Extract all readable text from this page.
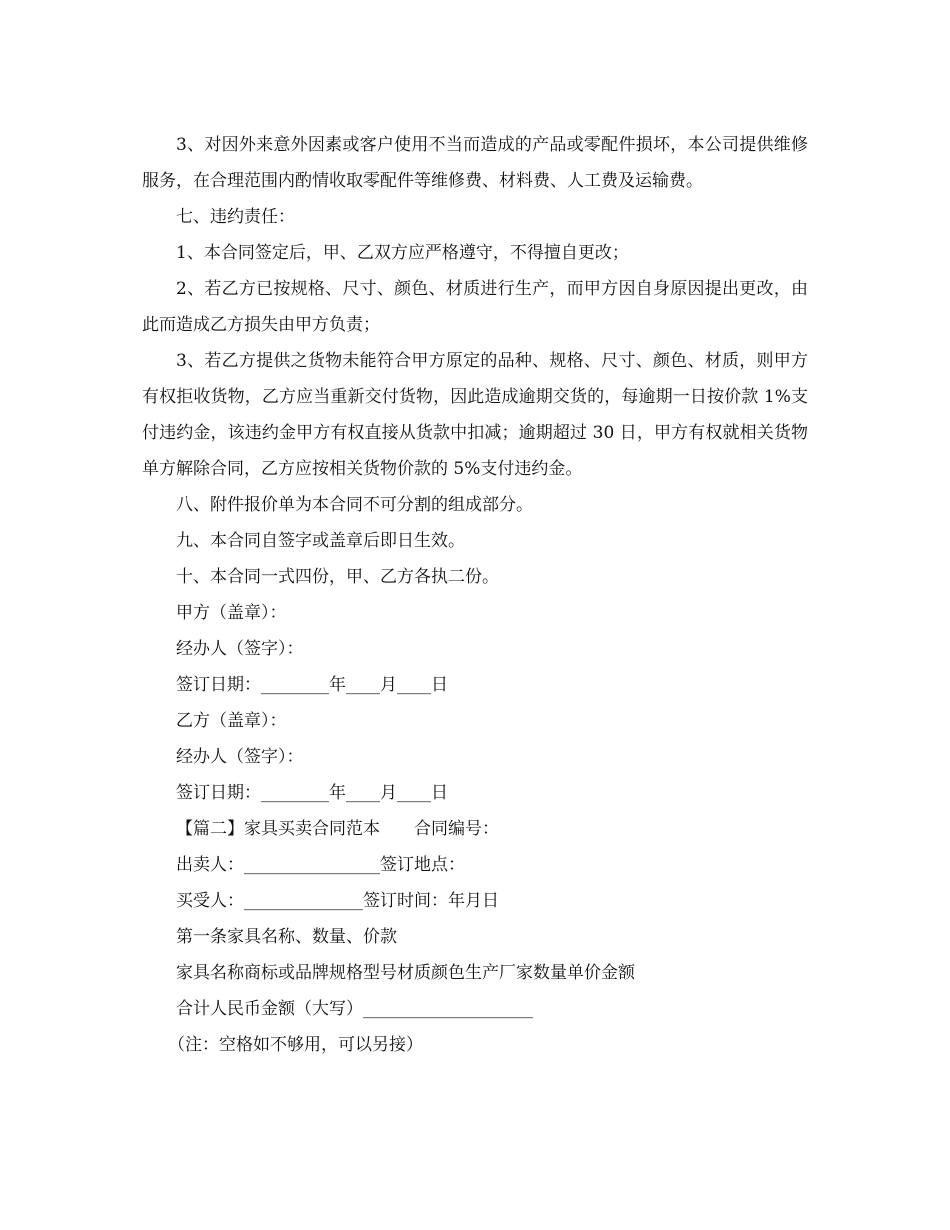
3、对因外来意外因素或客户使用不当而造成的产品或零配件损坏，本公司提供维修服务，在合理范围内酌情收取零配件等维修费、材料费、人工费及运输费。

七、违约责任：

1、本合同签定后，甲、乙双方应严格遵守，不得擅自更改；

2、若乙方已按规格、尺寸、颜色、材质进行生产，而甲方因自身原因提出更改，由此而造成乙方损失由甲方负责；

3、若乙方提供之货物未能符合甲方原定的品种、规格、尺寸、颜色、材质，则甲方有权拒收货物，乙方应当重新交付货物，因此造成逾期交货的，每逾期一日按价款 1%支付违约金，该违约金甲方有权直接从货款中扣减；逾期超过 30 日，甲方有权就相关货物单方解除合同，乙方应按相关货物价款的 5%支付违约金。

八、附件报价单为本合同不可分割的组成部分。

九、本合同自签字或盖章后即日生效。

十、本合同一式四份，甲、乙方各执二份。

甲方（盖章）：
经办人（签字）：
签订日期：________年____月____日
乙方（盖章）：
经办人（签字）：
签订日期：________年____月____日
【篇二】家具买卖合同范本　　合同编号：
出卖人：________________签订地点：
买受人：______________签订时间：年月日
第一条家具名称、数量、价款
家具名称商标或品牌规格型号材质颜色生产厂家数量单价金额
合计人民币金额（大写）____________________
（注：空格如不够用，可以另接）
